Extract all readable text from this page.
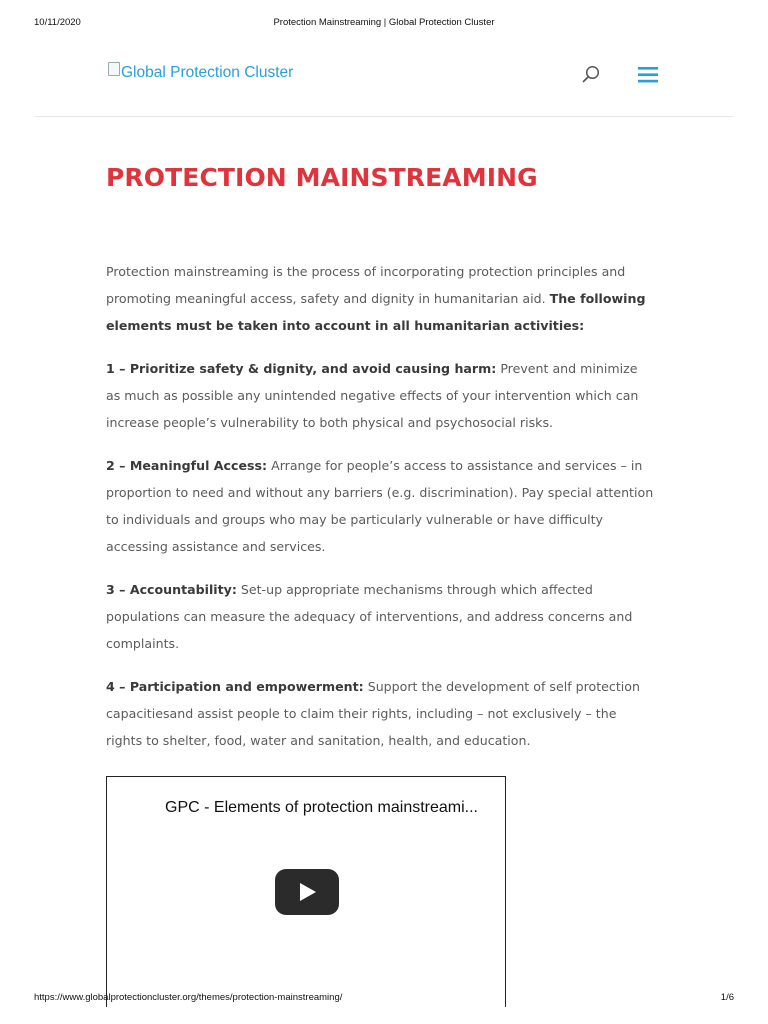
10/11/2020	Protection Mainstreaming | Global Protection Cluster
Global Protection Cluster
PROTECTION MAINSTREAMING

Protection mainstreaming is the process of incorporating protection principles and promoting meaningful access, safety and dignity in humanitarian aid. The following elements must be taken into account in all humanitarian activities:

1 – Prioritize safety & dignity, and avoid causing harm: Prevent and minimize as much as possible any unintended negative effects of your intervention which can increase people’s vulnerability to both physical and psychosocial risks.

2 – Meaningful Access: Arrange for people’s access to assistance and services – in proportion to need and without any barriers (e.g. discrimination). Pay special attention to individuals and groups who may be particularly vulnerable or have difficulty accessing assistance and services.

3 – Accountability: Set-up appropriate mechanisms through which affected populations can measure the adequacy of interventions, and address concerns and complaints.

4 – Participation and empowerment: Support the development of self protection capacitiesand assist people to claim their rights, including – not exclusively – the rights to shelter, food, water and sanitation, health, and education.

GPC - Elements of protection mainstreami...
https://www.globalprotectioncluster.org/themes/protection-mainstreaming/	1/6
